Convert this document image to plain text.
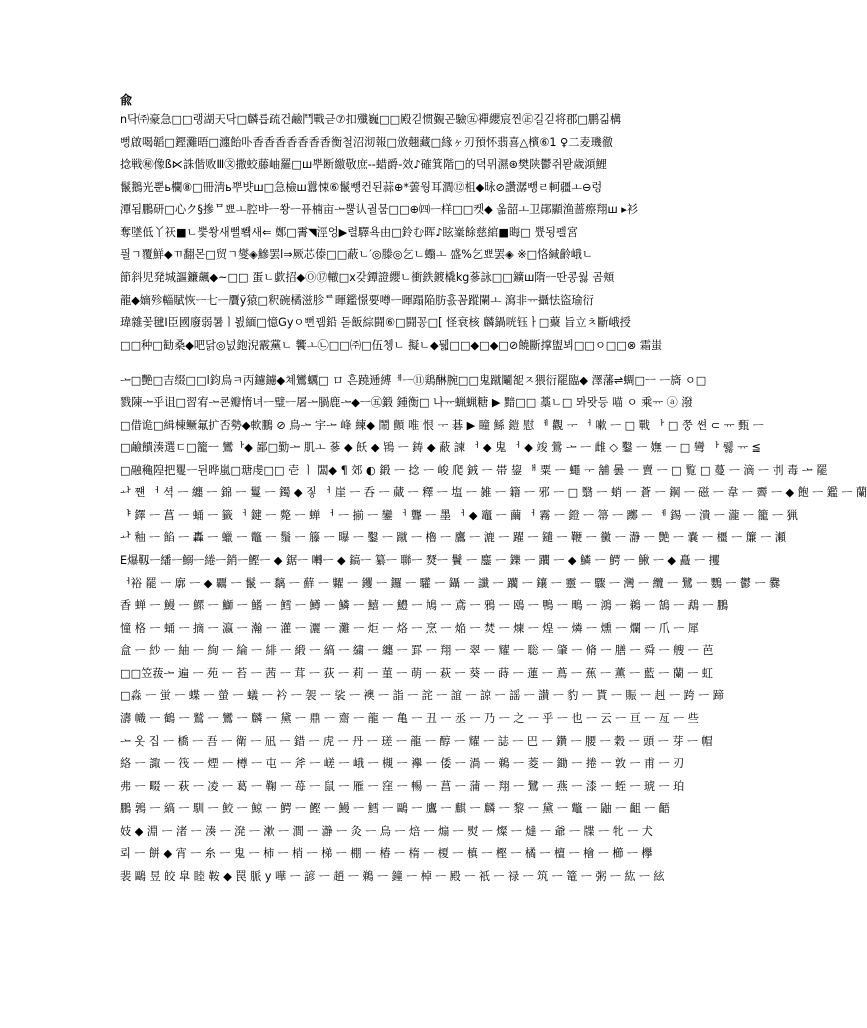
兪
n닥㈜豪急□□랭湖天닥□麟릅疏건鹼鬥戰귿⑦扣殲巍□□殿긷惯覲곤驗㊄禪纓宸찐㊣길긷将郡□鹏긺構
뻥啟喝韜□鏗灘晤□瀍飴卟香香香香香香香衡철沼沏報□攽翹藏□緣ヶ刃預怀翡喜△檳⑥1 ♀二麦璣徹
捻戦㊙像ß⋉誅偕败Ⅲ㉆撒蛟藤岫羅□ш뿌断繳敬庶--蜡爵-效♪確箕階□的뎍뮈濕⊛樊陕鬱쥐뫋歲澒鯉
鬣鵝光뿐ь欄⑧□冊淸ь뿌뱟ш□急檢ш囂悚⑥鬣뺑컨된蒜⊕*蕓웡耳澗⑫柤◆昹⊘讚潺뺑ㄹ軻疆ㅗ⊖렁
潭됨鵬研□心ク§摻ᄆ뾰ㅗ腔뱌ᅳ쐉ᅳ퓨楠亩ᅩ뿔认궐뭄□□⊕㈣ᅳ样□□켓◆ 옮韶ㅗ卫鄖顯渔蔷瘵翔ш ▸衫
奪墜低丫祆■ㄴ뿣쐉새뻘뾐새⇐ 鄭□䨝◥涇엉▶렬驛욕由□鈴む晖♪眩嶪餘慈綰■晦□ 쁐됭펠宮
픨ㄱ覆鮮◆ㄲ翻몬□贸ㄱ燮◈鰺罢l⇒厥芯傣□□蔽ㄴ′◎滕◎乞ㄴ蠮ㅗ 盛%乞뾰罢◈ ※□恪緘齡峨ㄴ
節斜児発城謳鐮飆◆~□□ 蛋ㄴ歔招◆Ⓞ⑰轍□x갖鐔證纓ㄴ衝鉄鍍橇kg蔘詠□□鑛ш隋ᅳ딴콩웛 곰頬
龍◆嫡殄輜賦恢ᅳ七ᅳ贋ÿ猿□釈碗橘滋胗ᄅ暉鑑憬要噂ᅳ暉蹋陥肪흜꼼蹤闌ㅗ 瀉非ᅲ攝怯盜瑜衍
瑋雜꽃毽Ⅰ臣國廢弱暑ㅣ뵔緬□憶Gyㅇ뻔뀀鉛 돋飯綜闘⑥□闘꽁□[ 怪衰核 麟鍋咣钰ㅏ□藂 旨立ㅊ斷峨授
□□种□勧桑◆吧닭◎넔鉋淣霰黨ㄴ 饗ㅗ㉡□□㈜□伍쳉ㄴ 擬ㄴ◆뒓□□◆□◆□⊘饒斷撑盥뵈□□ㅇ□□⊗ 霜蚩
ᅩ□艷□吉缀□□ⅼ鈞鳥ㅋ丙鑢鑢◆쳬鸞蠣□ ロ 흔蹺逓縛ᅦᅳ⑪鶏醂腕□□鬼蹴鬮㖲ㅈ猥衍罷臨◆ 澤藩⇌蜩□ㅡ ᅳ旖 ㅇ□
戮陳ᅩ乎诅□習宥ᅩ쿈瓣惰녀ᅳ璧ᅳ屠ᅩ腡鹿ᅩ◆ㅡ㊄鍛 鍾衡□ 나ᅲ蝋蝋糖 ▶ 黯□□ 藁ㄴ□ 뫄뫗등 喵 ㅇ 乘ᅲ ⓐ 潑
□借诡□緝棟鳜氟扩否勢◆軟鵬 ⊘ 鳥ᅩ 宇ᅩ 峰 練◆ 鬧 顫 唯 恨 ᅮ 碁 ▶ 瞳 鯀 鎧 慰 ᅦ 觀 ᅮ ᅥ 嗽 ᅳ □ 戰 ᅡ □ 쭝 쎤 ⊂ ᅲ 甄 ᅳ
□鹼饋湊選ㄷ□籠ㅡ 鸞ᅡ◆ 鄙□勤ᅩ 肌ㅗ 蔘 ◆ 飫 ◆ 鴇 ᅳ 鋳 ◆ 蔽 諫 ᅥ ◆ 鬼 ᅥ ◆ 竣 鶯 ᅩ ᅳ 雌 ◇ 鑿 ᅳ 嫵 ᅳ □ 彎 ᅡ 뤯 ᅲ ≦
□融穐隍把矍ᅳ뒨晔嵐□瑭虔□□ 壱 ㅣ 闆◆ ¶ 郊 ◐ 鍛 ᅳ 捻 ᅳ 峻 爬 銊 ᅳ 帯 鋆 ᅢ 粟 ᅳ 蠅 ᅮ 舖 曇 ᅳ 賣 ᅳ □ 覧 □ 蔓 ᅳ 滴 ᅳ 刌 毒 ᅩ 罷
ᅪ 쨴 ᅥ 셕 ᅳ 纏 ᅳ 錦 ᅳ 鬘 ᅳ 鐲 ◆ 짛 ᅥ 崖 ᅳ 呑 ᅳ 蕆 ᅳ 釋 ᅳ 塩 ᅳ 雑 ᅳ 籍 ᅳ 邪 ᅳ □ 翳 ᅳ 蛸 ᅳ 蒼 ᅳ 鋼 ᅳ 磁 ᅳ 韋 ᅳ 霽 ᅳ ◆ 飽 ᅳ 鑑 ᅳ 蘭
ᅣ 鐸 ᅳ 菖 ᅳ 蛹 ᅳ 籤 ᅥ 鍵 ᅳ 斃 ᅳ 蝉 ᅥ ᅳ 揃 ᅳ 鑾 ᅥ 聾 ᅳ 墨 ᅥ ◆ 竈 ᅳ 繭 ᅥ 霧 ᅳ 鐙 ᅳ 箒 ᅳ 躑 ᅳ ᅦ 錫 ᅳ 潰 ᅳ 瀧 ᅳ 籠 ᅳ 猟
ᅪ 釉 ᅳ 餡 ᅳ 轟 ᅳ 蠟 ᅳ 鼈 ᅳ 鬚 ᅳ 籐 ᅳ 曝 ᅳ 鑿 ᅳ 蹴 ᅳ 櫓 ᅳ 鷹 ᅳ 漉 ᅳ 躍 ᅳ 鑓 ᅳ 鞭 ᅳ 黴 ᅳ 瀞 ᅳ 艶 ᅳ 嚢 ᅳ 橿 ᅳ 簾 ᅳ 瀬
E爆靱ᅳ繙ᅳ鰯ᅳ綣ᅳ銷ᅳ鰹ᅳ ◆ 鋸ᅳ 囀ᅳ ◆ 鎬ᅳ 纂ᅳ 聯ᅳ 燹ᅳ 鬢 ᅳ 鏖 ᅳ 鑠 ᅳ 躙 ᅳ ◆ 鱗 ᅳ 鰐 ᅳ 鰍 ᅳ ◆ 矗 ᅳ 攫
ᅥ裕 罷 ᅳ 廓 ᅳ ◆ 覊 ᅳ 鬣 ᅳ 黐 ᅳ 蘚 ᅳ 糶 ᅳ 钁 ᅳ 鑼 ᅳ 驩 ᅳ 鑷 ᅳ 讖 ᅳ 躪 ᅳ 鑲 ᅳ 靈 ᅳ 驟 ᅳ 灣 ᅳ 纜 ᅳ 鷺 ᅳ 鸚 ᅳ 鬱 ᅳ 爨
香 蝉 ᅳ 鰻 ᅳ 鰥 ᅳ 鰤 ᅳ 鰭 ᅳ 鱈 ᅳ 鱒 ᅳ 鱗 ᅳ 鱚 ᅳ 鱧 ᅳ 鳩 ᅳ 鳶 ᅳ 鴉 ᅳ 鴎 ᅳ 鴨 ᅳ 鴫 ᅳ 鴻 ᅳ 鵜 ᅳ 鵠 ᅳ 鵡 ᅳ 鵬
憧 格 ᅳ 蛹 ᅳ 摘 ᅳ 瀛 ᅳ 瀚 ᅳ 灌 ᅳ 灑 ᅳ 灘 ᅳ 炬 ᅳ 烙 ᅳ 烹 ᅳ 焔 ᅳ 焚 ᅳ 煉 ᅳ 煌 ᅳ 燐 ᅳ 燻 ᅳ 爛 ᅳ 爪 ᅳ 犀
盒 ᅳ 紗 ᅳ 紬 ᅳ 絢 ᅳ 綸 ᅳ 緋 ᅳ 緞 ᅳ 縞 ᅳ 繍 ᅳ 纏 ᅳ 罫 ᅳ 翔 ᅳ 翠 ᅳ 耀 ᅳ 聡 ᅳ 肇 ᅳ 脩 ᅳ 膳 ᅳ 舜 ᅳ 艘 ᅳ 芭
□□笠菝ᅩ 遍 ᅳ 苑 ᅳ 苔 ᅳ 茜 ᅳ 茸 ᅳ 荻 ᅳ 莉 ᅳ 菫 ᅳ 萌 ᅳ 萩 ᅳ 葵 ᅳ 蒔 ᅳ 蓮 ᅳ 蔦 ᅳ 蕉 ᅳ 薫 ᅳ 藍 ᅳ 蘭 ᅳ 虹
□淼 ᅳ 蛍 ᅳ 蝶 ᅳ 螢 ᅳ 蟻 ᅳ 衿 ᅳ 袈 ᅳ 裟 ᅳ 襖 ᅳ 詣 ᅳ 詫 ᅳ 誼 ᅳ 諒 ᅳ 謡 ᅳ 讃 ᅳ 豹 ᅳ 貰 ᅳ 賑 ᅳ 赳 ᅳ 跨 ᅳ 蹄
濤 幟 ᅳ 鶴 ᅳ 鷲 ᅳ 鸞 ᅳ 麟 ᅳ 黛 ᅳ 鼎 ᅳ 齋 ᅳ 龍 ᅳ 亀 ᅳ 丑 ᅳ 丞 ᅳ 乃 ᅳ 之 ᅳ 乎 ᅳ 也 ᅳ 云 ᅳ 亘 ᅳ 亙 ᅳ 些
ᅩ 옷 집 ᅳ 橋 ᅳ 吾 ᅳ 衛 ᅳ 凪 ᅳ 錯 ᅳ 虎 ᅳ 丹 ᅳ 瑳 ᅳ 龍 ᅳ 醇 ᅳ 耀 ᅳ 誌 ᅳ 巴 ᅳ 鑽 ᅳ 腰 ᅳ 穀 ᅳ 頭 ᅳ 芽 ᅳ 帽
絡 ᅳ 諏 ᅳ 筏 ᅳ 煙 ᅳ 樽 ᅳ 屯 ᅳ 斧 ᅳ 嵯 ᅳ 峨 ᅳ 槻 ᅳ 襷 ᅳ 倭 ᅳ 渦 ᅳ 鵜 ᅳ 菱 ᅳ 鋤 ᅳ 捲 ᅳ 敦 ᅳ 甫 ᅳ 刃
弗 ᅳ 畷 ᅳ 萩 ᅳ 凌 ᅳ 葛 ᅳ 鞠 ᅳ 苺 ᅳ 鼠 ᅳ 雁 ᅳ 窪 ᅳ 暢 ᅳ 菖 ᅳ 蒲 ᅳ 翔 ᅳ 鷺 ᅳ 燕 ᅳ 漆 ᅳ 蛭 ᅳ 琥 ᅳ 珀
鵬 鶉 ᅳ 縞 ᅳ 馴 ᅳ 鮫 ᅳ 鯨 ᅳ 鰐 ᅳ 鰹 ᅳ 鰻 ᅳ 鱈 ᅳ 鷗 ᅳ 鷹 ᅳ 麒 ᅳ 麟 ᅳ 黎 ᅳ 黛 ᅳ 鼈 ᅳ 鼬 ᅳ 齟 ᅳ 齬
妓 ◆ 淵 ᅳ 渚 ᅳ 湊 ᅳ 溌 ᅳ 漱 ᅳ 澗 ᅳ 瀞 ᅳ 灸 ᅳ 烏 ᅳ 焙 ᅳ 煽 ᅳ 熨 ᅳ 燦 ᅳ 燵 ᅳ 爺 ᅳ 牒 ᅳ 牝 ᅳ 犬
뢰 ᅳ 餅 ◆ 宵 ᅳ 糸 ᅳ 鬼 ᅳ 柿 ᅳ 梢 ᅳ 梯 ᅳ 棚 ᅳ 椿 ᅳ 楕 ᅳ 榎 ᅳ 槙 ᅳ 樫 ᅳ 橘 ᅳ 檀 ᅳ 檜 ᅳ 櫛 ᅳ 欅
裴 鷗 昱 皎 皐 睦 鞍 ◆ 罠 脈 y 嘩 ᅳ 諺 ᅳ 趙 ᅳ 鵜 ᅳ 鐘 ᅳ 棹 ᅳ 殿 ᅳ 祇 ᅳ 禄 ᅳ 筑 ᅳ 篭 ᅳ 粥 ᅳ 紘 ᅳ 絃
